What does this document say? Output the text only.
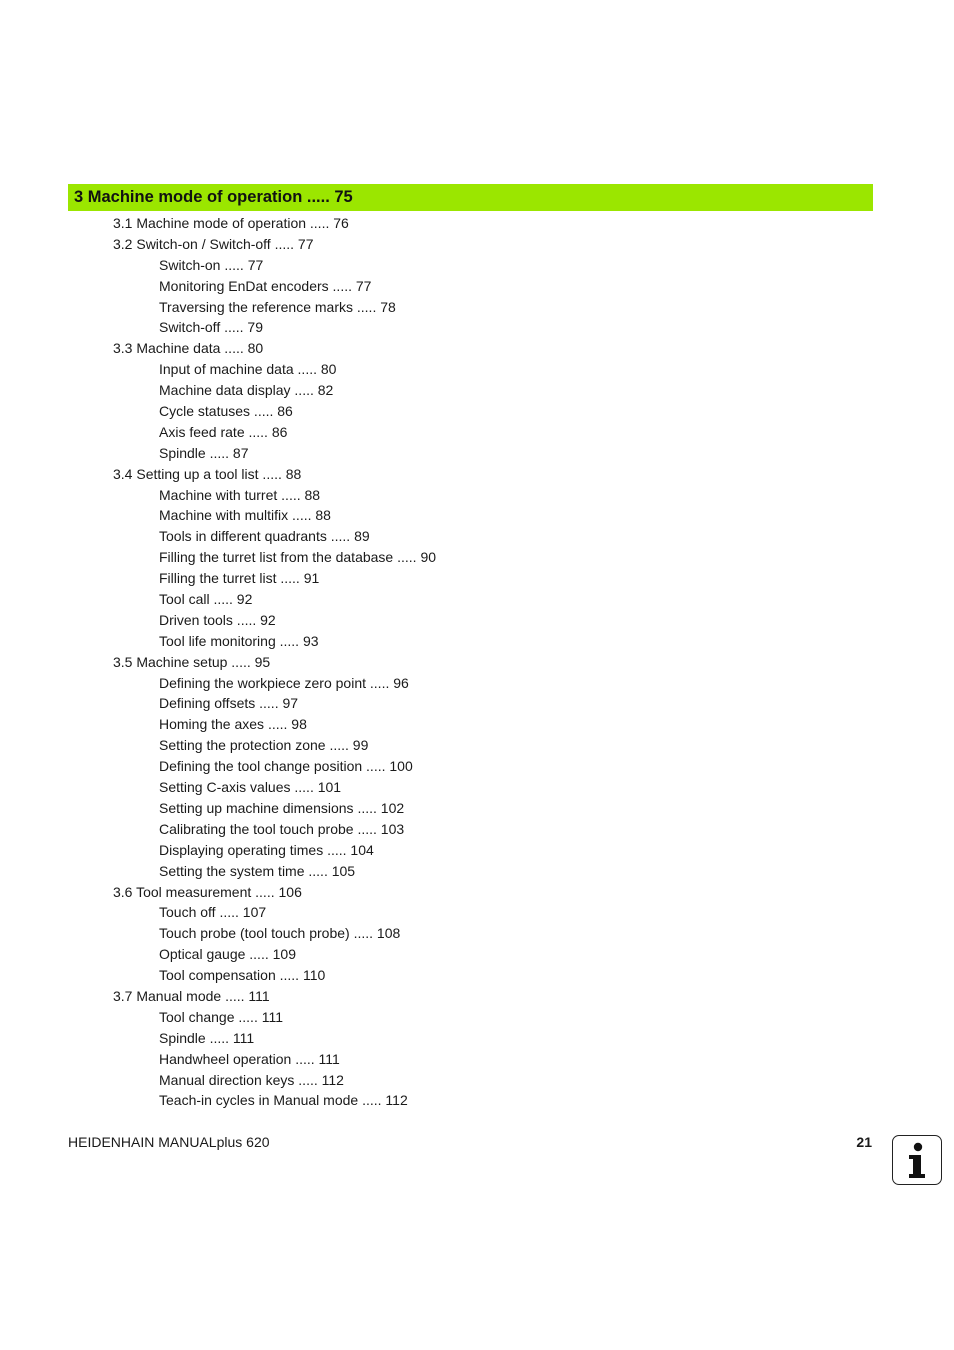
3 Machine mode of operation ..... 75
3.1 Machine mode of operation ..... 76
3.2 Switch-on / Switch-off ..... 77
Switch-on ..... 77
Monitoring EnDat encoders ..... 77
Traversing the reference marks ..... 78
Switch-off ..... 79
3.3 Machine data ..... 80
Input of machine data ..... 80
Machine data display ..... 82
Cycle statuses ..... 86
Axis feed rate ..... 86
Spindle ..... 87
3.4 Setting up a tool list ..... 88
Machine with turret ..... 88
Machine with multifix ..... 88
Tools in different quadrants ..... 89
Filling the turret list from the database ..... 90
Filling the turret list ..... 91
Tool call ..... 92
Driven tools ..... 92
Tool life monitoring ..... 93
3.5 Machine setup ..... 95
Defining the workpiece zero point ..... 96
Defining offsets ..... 97
Homing the axes ..... 98
Setting the protection zone ..... 99
Defining the tool change position ..... 100
Setting C-axis values ..... 101
Setting up machine dimensions ..... 102
Calibrating the tool touch probe ..... 103
Displaying operating times ..... 104
Setting the system time ..... 105
3.6 Tool measurement ..... 106
Touch off ..... 107
Touch probe (tool touch probe) ..... 108
Optical gauge ..... 109
Tool compensation ..... 110
3.7 Manual mode ..... 111
Tool change ..... 111
Spindle ..... 111
Handwheel operation ..... 111
Manual direction keys ..... 112
Teach-in cycles in Manual mode ..... 112
HEIDENHAIN MANUALplus 620	21
